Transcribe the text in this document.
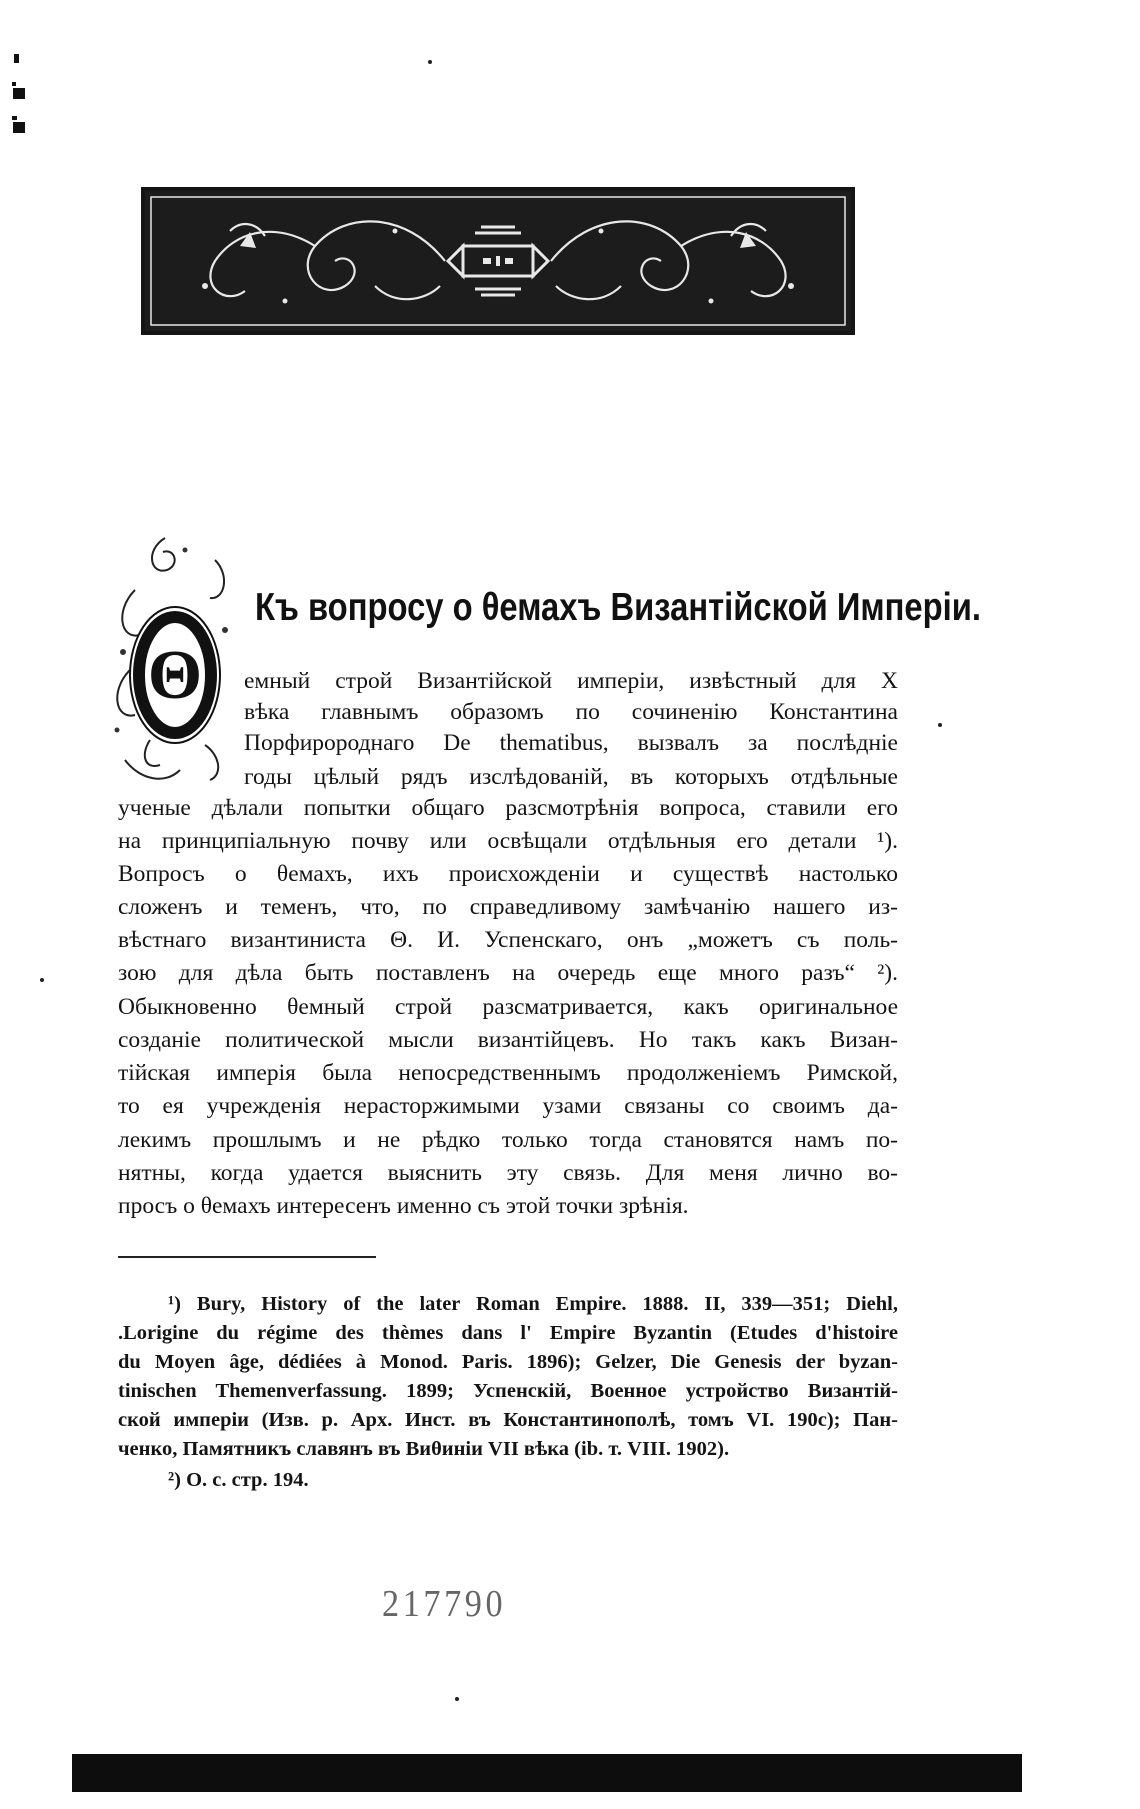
Θ
Къ вопросу о θемахъ Византійской Имперіи.
емный строй Византійской имперіи, извѣстный для X
вѣка главнымъ образомъ по сочиненію Константина
Порфиророднаго De thematibus, вызвалъ за послѣдніе
годы цѣлый рядъ изслѣдованій, въ которыхъ отдѣльные
ученые дѣлали попытки общаго разсмотрѣнія вопроса, ставили его
на принципіальную почву или освѣщали отдѣльныя его детали ¹).
Вопросъ о θемахъ, ихъ происхожденіи и существѣ настолько
сложенъ и теменъ, что, по справедливому замѣчанію нашего из-
вѣстнаго византиниста Θ. И. Успенскаго, онъ „можетъ съ поль-
зою для дѣла быть поставленъ на очередь еще много разъ“ ²).
Обыкновенно θемный строй разсматривается, какъ оригинальное
созданіе политической мысли византійцевъ. Но такъ какъ Визан-
тійская имперія была непосредственнымъ продолженіемъ Римской,
то ея учрежденія нерасторжимыми узами связаны со своимъ да-
лекимъ прошлымъ и не рѣдко только тогда становятся намъ по-
нятны, когда удается выяснить эту связь. Для меня лично во-
просъ о θемахъ интересенъ именно съ этой точки зрѣнія.
¹) Bury, History of the later Roman Empire. 1888. II, 339—351; Diehl,
.Lorigine du régime des thèmes dans l' Empire Byzantin (Etudes d'histoire
du Moyen âge, dédiées à Monod. Paris. 1896); Gelzer, Die Genesis der byzan-
tinischen Themenverfassung. 1899; Успенскій, Военное устройство Византій-
ской имперіи (Изв. р. Арх. Инст. въ Константинополѣ, томъ VI. 190с); Пан-
ченко, Памятникъ славянъ въ Виθиніи VII вѣка (ib. т. VIII. 1902).
²) О. с. стр. 194.
217790
